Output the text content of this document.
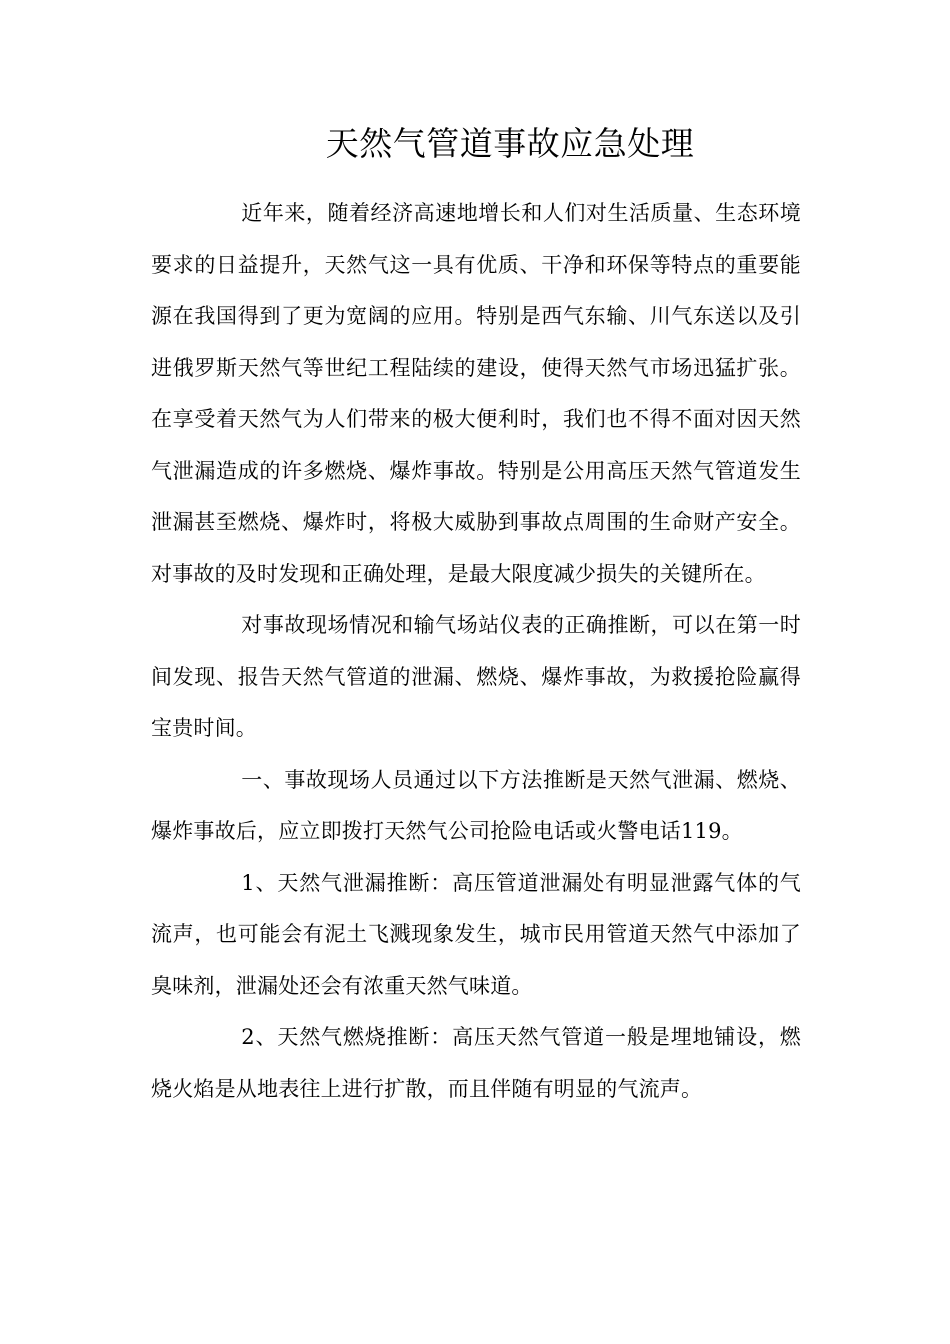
天然气管道事故应急处理

近年来，随着经济高速地增长和人们对生活质量、生态环境要求的日益提升，天然气这一具有优质、干净和环保等特点的重要能源在我国得到了更为宽阔的应用。特别是西气东输、川气东送以及引进俄罗斯天然气等世纪工程陆续的建设，使得天然气市场迅猛扩张。在享受着天然气为人们带来的极大便利时，我们也不得不面对因天然气泄漏造成的许多燃烧、爆炸事故。特别是公用高压天然气管道发生泄漏甚至燃烧、爆炸时，将极大威胁到事故点周围的生命财产安全。对事故的及时发现和正确处理，是最大限度减少损失的关键所在。

对事故现场情况和输气场站仪表的正确推断，可以在第一时间发现、报告天然气管道的泄漏、燃烧、爆炸事故，为救援抢险赢得宝贵时间。

一、事故现场人员通过以下方法推断是天然气泄漏、燃烧、爆炸事故后，应立即拨打天然气公司抢险电话或火警电话119。

1、天然气泄漏推断：高压管道泄漏处有明显泄露气体的气流声，也可能会有泥土飞溅现象发生，城市民用管道天然气中添加了臭味剂，泄漏处还会有浓重天然气味道。

2、天然气燃烧推断：高压天然气管道一般是埋地铺设，燃烧火焰是从地表往上进行扩散，而且伴随有明显的气流声。
